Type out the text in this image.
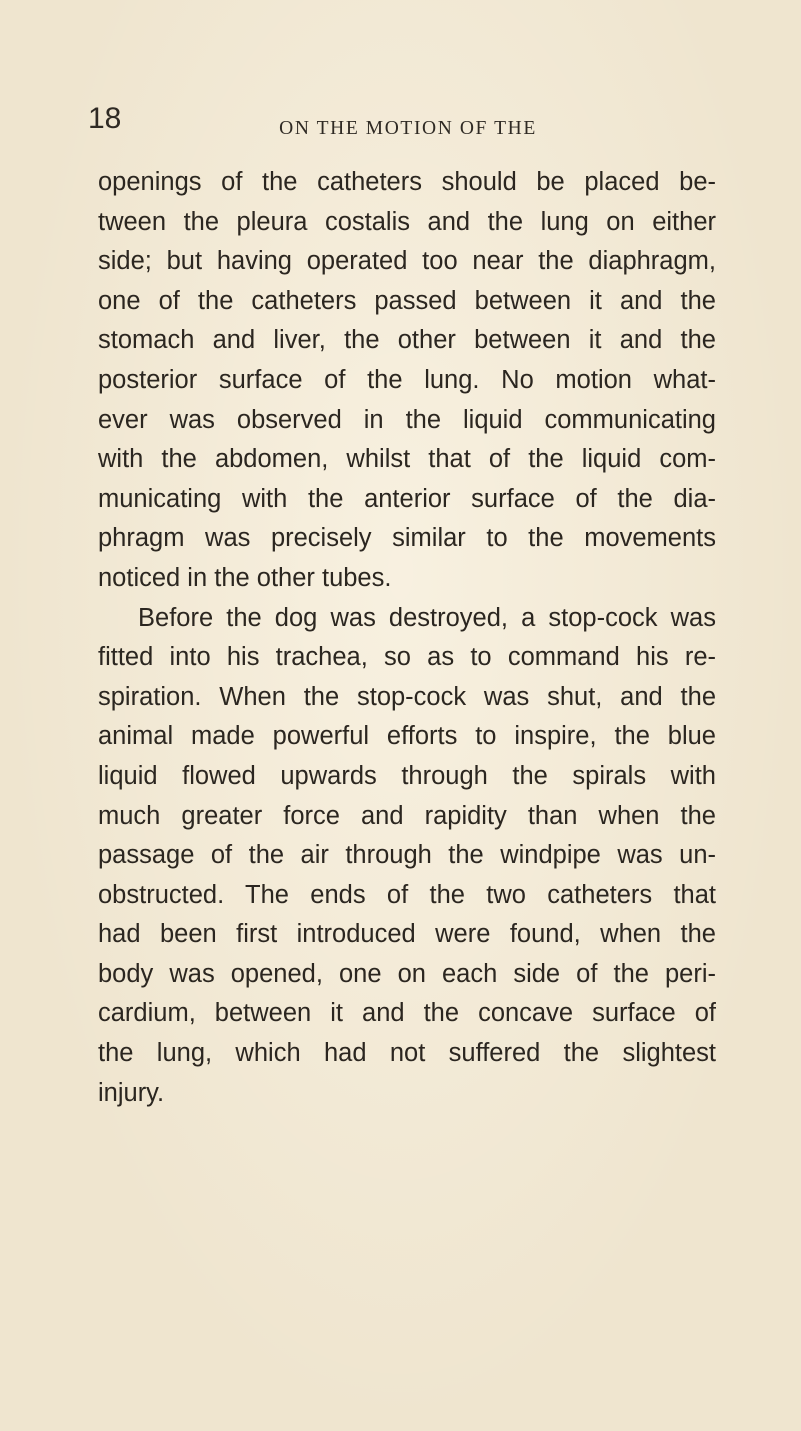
18	ON THE MOTION OF THE
openings of the catheters should be placed be-
tween the pleura costalis and the lung on either
side; but having operated too near the diaphragm,
one of the catheters passed between it and the
stomach and liver, the other between it and the
posterior surface of the lung. No motion what-
ever was observed in the liquid communicating
with the abdomen, whilst that of the liquid com-
municating with the anterior surface of the dia-
phragm was precisely similar to the movements
noticed in the other tubes.
Before the dog was destroyed, a stop-cock was
fitted into his trachea, so as to command his re-
spiration. When the stop-cock was shut, and the
animal made powerful efforts to inspire, the blue
liquid flowed upwards through the spirals with
much greater force and rapidity than when the
passage of the air through the windpipe was un-
obstructed. The ends of the two catheters that
had been first introduced were found, when the
body was opened, one on each side of the peri-
cardium, between it and the concave surface of
the lung, which had not suffered the slightest
injury.
